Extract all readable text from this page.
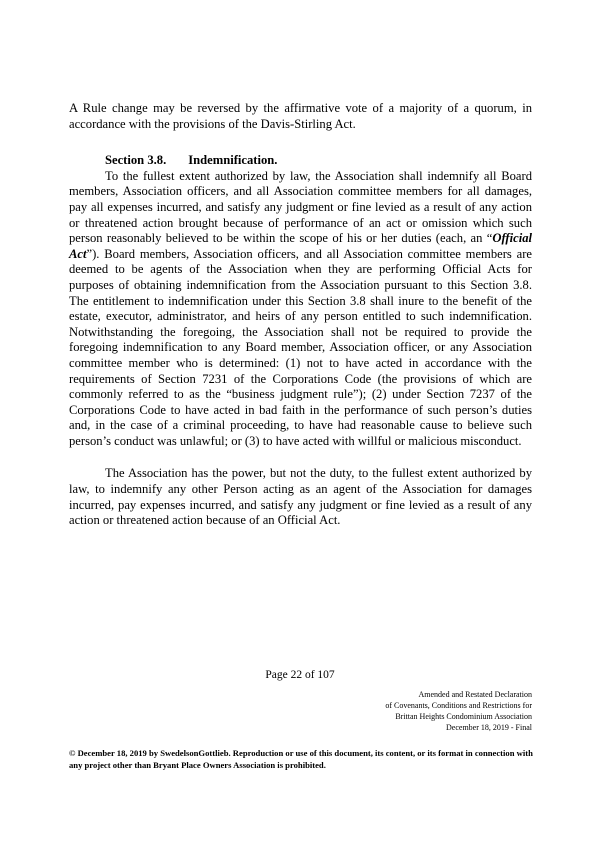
A Rule change may be reversed by the affirmative vote of a majority of a quorum, in accordance with the provisions of the Davis-Stirling Act.

Section 3.8. Indemnification.

To the fullest extent authorized by law, the Association shall indemnify all Board members, Association officers, and all Association committee members for all damages, pay all expenses incurred, and satisfy any judgment or fine levied as a result of any action or threatened action brought because of performance of an act or omission which such person reasonably believed to be within the scope of his or her duties (each, an “Official Act”). Board members, Association officers, and all Association committee members are deemed to be agents of the Association when they are performing Official Acts for purposes of obtaining indemnification from the Association pursuant to this Section 3.8. The entitlement to indemnification under this Section 3.8 shall inure to the benefit of the estate, executor, administrator, and heirs of any person entitled to such indemnification. Notwithstanding the foregoing, the Association shall not be required to provide the foregoing indemnification to any Board member, Association officer, or any Association committee member who is determined: (1) not to have acted in accordance with the requirements of Section 7231 of the Corporations Code (the provisions of which are commonly referred to as the “business judgment rule”); (2) under Section 7237 of the Corporations Code to have acted in bad faith in the performance of such person’s duties and, in the case of a criminal proceeding, to have had reasonable cause to believe such person’s conduct was unlawful; or (3) to have acted with willful or malicious misconduct.

The Association has the power, but not the duty, to the fullest extent authorized by law, to indemnify any other Person acting as an agent of the Association for damages incurred, pay expenses incurred, and satisfy any judgment or fine levied as a result of any action or threatened action because of an Official Act.

Page 22 of 107
Amended and Restated Declaration
of Covenants, Conditions and Restrictions for
Brittan Heights Condominium Association
December 18, 2019 - Final
© December 18, 2019 by SwedelsonGottlieb. Reproduction or use of this document, its content, or its format in connection with any project other than Bryant Place Owners Association is prohibited.
